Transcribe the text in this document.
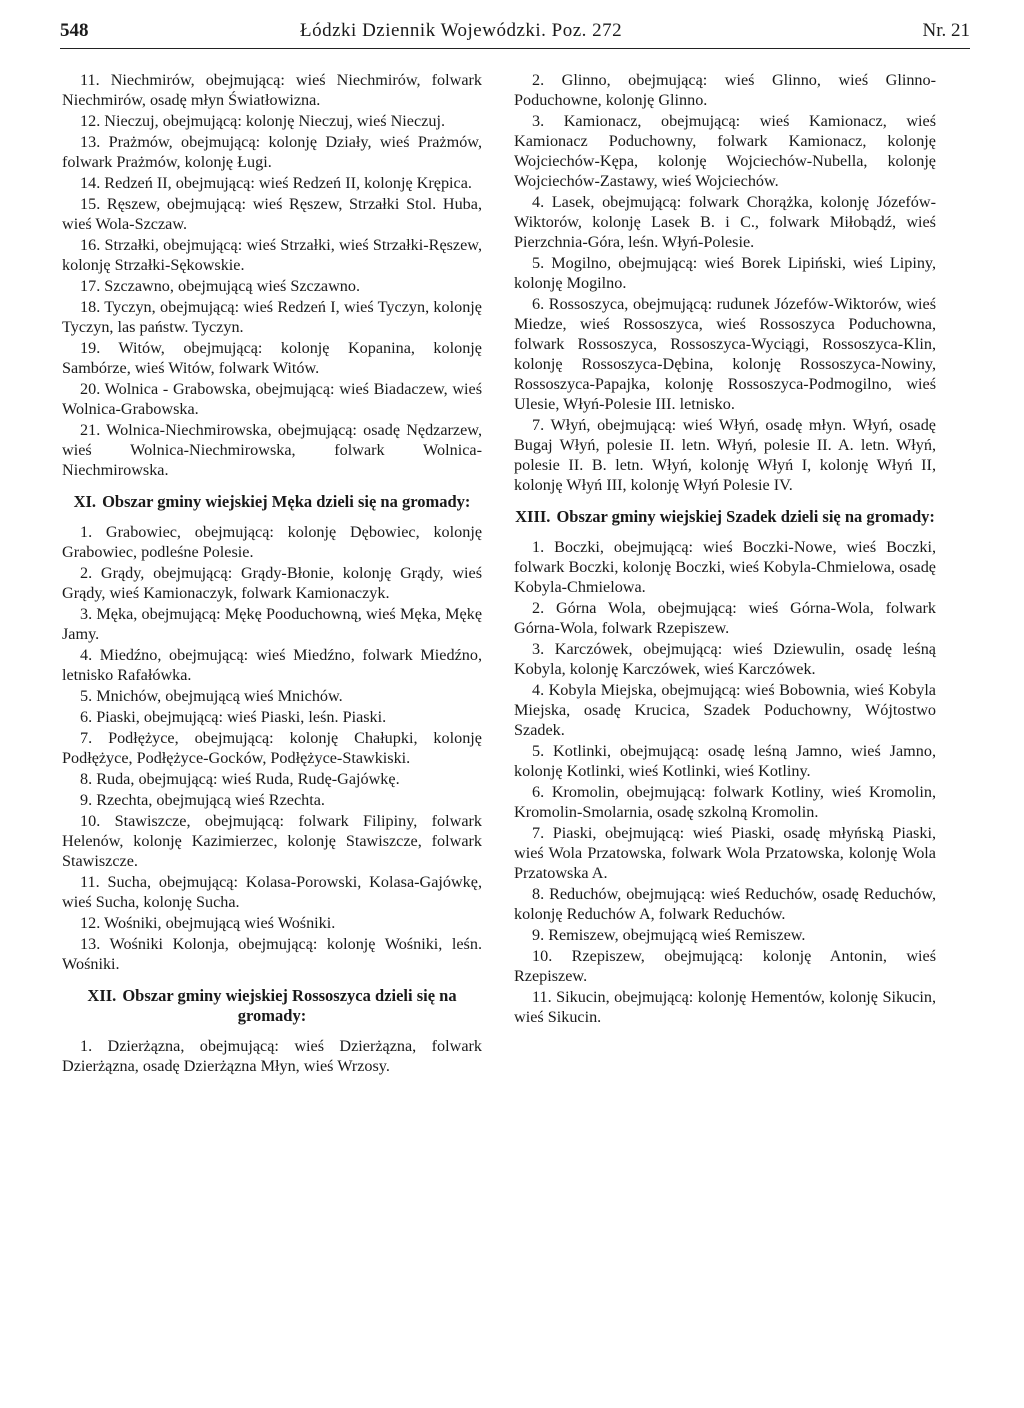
548	Łódzki Dziennik Wojewódzki. Poz. 272	Nr. 21

11. Niechmirów, obejmującą: wieś Niechmirów, folwark Niechmirów, osadę młyn Światłowizna.

12. Nieczuj, obejmującą: kolonję Nieczuj, wieś Nieczuj.

13. Prażmów, obejmującą: kolonję Działy, wieś Prażmów, folwark Prażmów, kolonję Ługi.

14. Redzeń II, obejmującą: wieś Redzeń II, kolonję Krępica.

15. Ręszew, obejmującą: wieś Ręszew, Strzałki Stol. Huba, wieś Wola-Szczaw.

16. Strzałki, obejmującą: wieś Strzałki, wieś Strzałki-Ręszew, kolonję Strzałki-Sękowskie.

17. Szczawno, obejmującą wieś Szczawno.

18. Tyczyn, obejmującą: wieś Redzeń I, wieś Tyczyn, kolonję Tyczyn, las państw. Tyczyn.

19. Witów, obejmującą: kolonję Kopanina, kolonję Sambórze, wieś Witów, folwark Witów.

20. Wolnica - Grabowska, obejmującą: wieś Biadaczew, wieś Wolnica-Grabowska.

21. Wolnica-Niechmirowska, obejmującą: osadę Nędzarzew, wieś Wolnica-Niechmirowska, folwark Wolnica-Niechmirowska.

XI. Obszar gminy wiejskiej Męka dzieli się na gromady:

1. Grabowiec, obejmującą: kolonję Dębowiec, kolonję Grabowiec, podleśne Polesie.

2. Grądy, obejmującą: Grądy-Błonie, kolonję Grądy, wieś Grądy, wieś Kamionaczyk, folwark Kamionaczyk.

3. Męka, obejmującą: Mękę Pooduchowną, wieś Męka, Mękę Jamy.

4. Miedźno, obejmującą: wieś Miedźno, folwark Miedźno, letnisko Rafałówka.

5. Mnichów, obejmującą wieś Mnichów.

6. Piaski, obejmującą: wieś Piaski, leśn. Piaski.

7. Podłężyce, obejmującą: kolonję Chałupki, kolonję Podłężyce, Podłężyce-Gocków, Podłężyce-Stawkiski.

8. Ruda, obejmującą: wieś Ruda, Rudę-Gajówkę.

9. Rzechta, obejmującą wieś Rzechta.

10. Stawiszcze, obejmującą: folwark Filipiny, folwark Helenów, kolonję Kazimierzec, kolonję Stawiszcze, folwark Stawiszcze.

11. Sucha, obejmującą: Kolasa-Porowski, Kolasa-Gajówkę, wieś Sucha, kolonję Sucha.

12. Wośniki, obejmującą wieś Wośniki.

13. Wośniki Kolonja, obejmującą: kolonję Wośniki, leśn. Wośniki.

XII. Obszar gminy wiejskiej Rossoszyca dzieli się na gromady:

1. Dzierżązna, obejmującą: wieś Dzierżązna, folwark Dzierżązna, osadę Dzierżązna Młyn, wieś Wrzosy.

2. Glinno, obejmującą: wieś Glinno, wieś Glinno-Poduchowne, kolonję Glinno.

3. Kamionacz, obejmującą: wieś Kamionacz, wieś Kamionacz Poduchowny, folwark Kamionacz, kolonję Wojciechów-Kępa, kolonję Wojciechów-Nubella, kolonję Wojciechów-Zastawy, wieś Wojciechów.

4. Lasek, obejmującą: folwark Chorążka, kolonję Józefów-Wiktorów, kolonję Lasek B. i C., folwark Miłobądź, wieś Pierzchnia-Góra, leśn. Włyń-Polesie.

5. Mogilno, obejmującą: wieś Borek Lipiński, wieś Lipiny, kolonję Mogilno.

6. Rossoszyca, obejmującą: rudunek Józefów-Wiktorów, wieś Miedze, wieś Rossoszyca, wieś Rossoszyca Poduchowna, folwark Rossoszyca, Rossoszyca-Wyciągi, Rossoszyca-Klin, kolonję Rossoszyca-Dębina, kolonję Rossoszyca-Nowiny, Rossoszyca-Papajka, kolonję Rossoszyca-Podmogilno, wieś Ulesie, Włyń-Polesie III. letnisko.

7. Włyń, obejmującą: wieś Włyń, osadę młyn. Włyń, osadę Bugaj Włyń, polesie II. letn. Włyń, polesie II. A. letn. Włyń, polesie II. B. letn. Włyń, kolonję Włyń I, kolonję Włyń II, kolonję Włyń III, kolonję Włyń Polesie IV.

XIII. Obszar gminy wiejskiej Szadek dzieli się na gromady:

1. Boczki, obejmującą: wieś Boczki-Nowe, wieś Boczki, folwark Boczki, kolonję Boczki, wieś Kobyla-Chmielowa, osadę Kobyla-Chmielowa.

2. Górna Wola, obejmującą: wieś Górna-Wola, folwark Górna-Wola, folwark Rzepiszew.

3. Karczówek, obejmującą: wieś Dziewulin, osadę leśną Kobyla, kolonję Karczówek, wieś Karczówek.

4. Kobyla Miejska, obejmującą: wieś Bobownia, wieś Kobyla Miejska, osadę Krucica, Szadek Poduchowny, Wójtostwo Szadek.

5. Kotlinki, obejmującą: osadę leśną Jamno, wieś Jamno, kolonję Kotlinki, wieś Kotlinki, wieś Kotliny.

6. Kromolin, obejmującą: folwark Kotliny, wieś Kromolin, Kromolin-Smolarnia, osadę szkolną Kromolin.

7. Piaski, obejmującą: wieś Piaski, osadę młyńską Piaski, wieś Wola Przatowska, folwark Wola Przatowska, kolonję Wola Przatowska A.

8. Reduchów, obejmującą: wieś Reduchów, osadę Reduchów, kolonję Reduchów A, folwark Reduchów.

9. Remiszew, obejmującą wieś Remiszew.

10. Rzepiszew, obejmującą: kolonję Antonin, wieś Rzepiszew.

11. Sikucin, obejmującą: kolonję Hementów, kolonję Sikucin, wieś Sikucin.
